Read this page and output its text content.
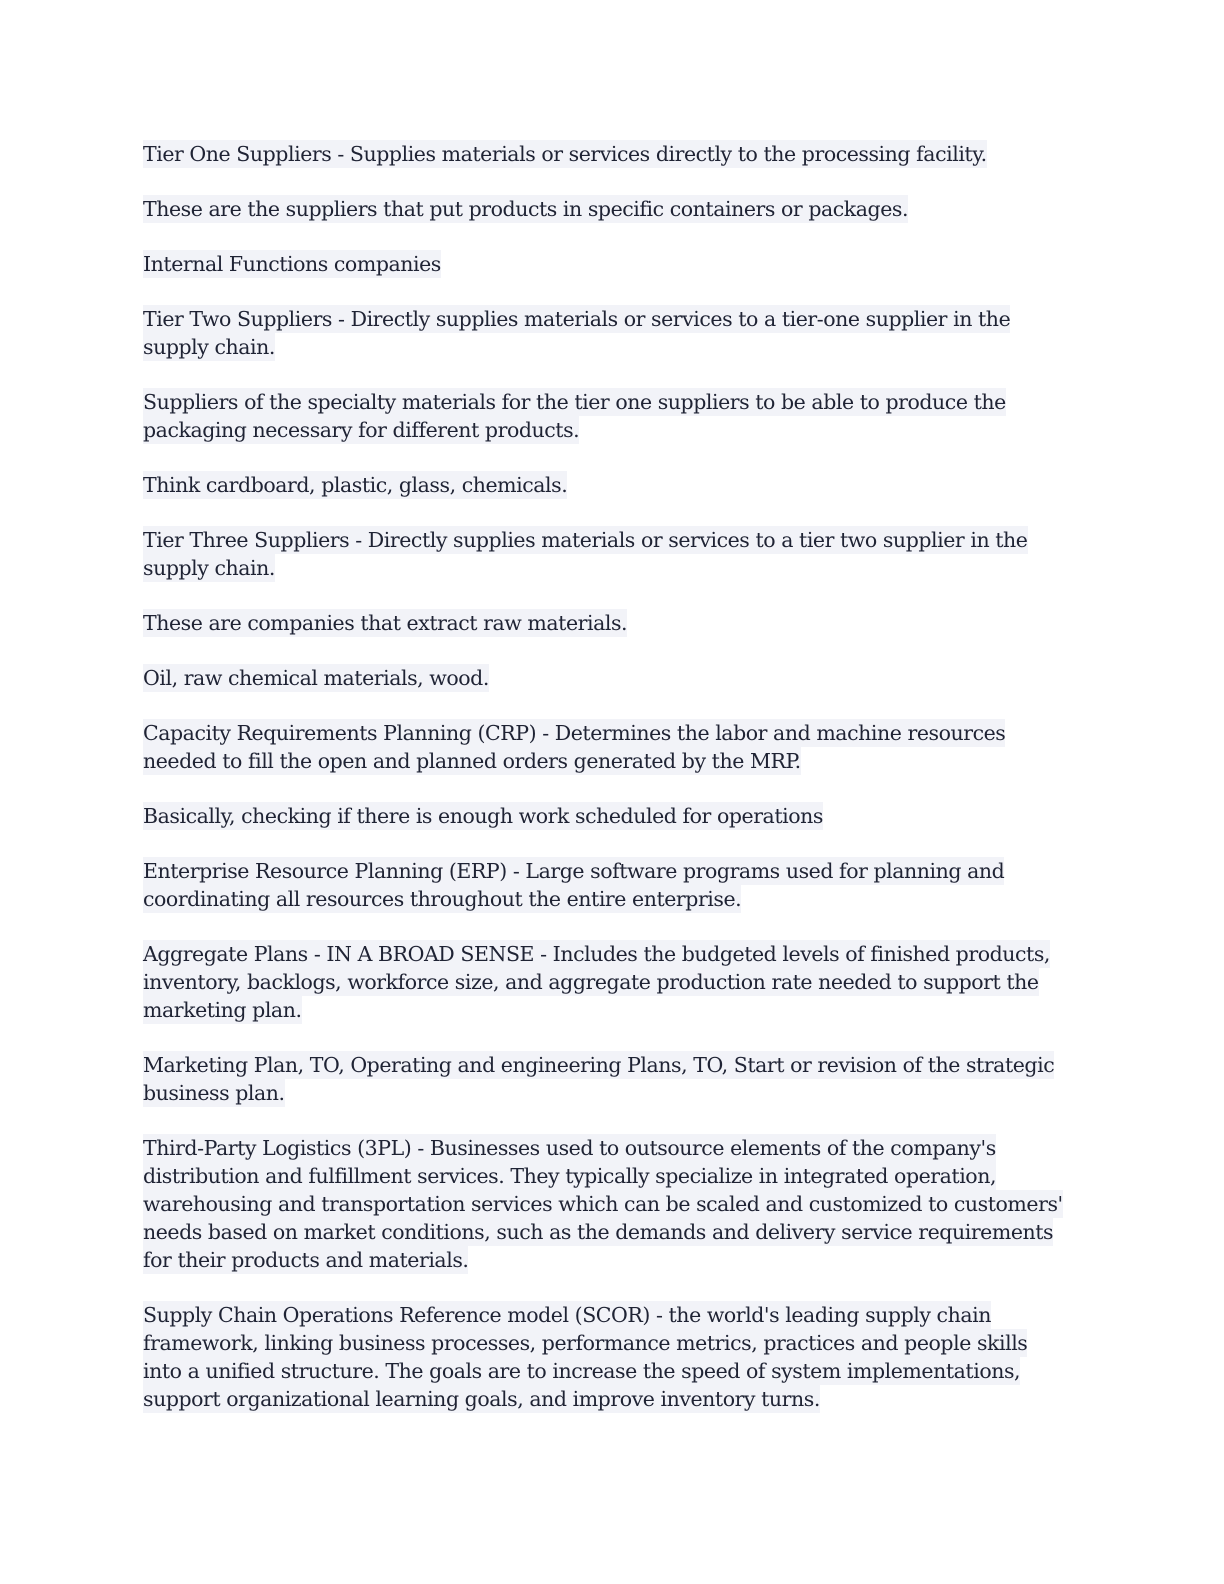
Tier One Suppliers - Supplies materials or services directly to the processing facility.

These are the suppliers that put products in specific containers or packages.

Internal Functions companies

Tier Two Suppliers - Directly supplies materials or services to a tier-one supplier in the supply chain.

Suppliers of the specialty materials for the tier one suppliers to be able to produce the packaging necessary for different products.

Think cardboard, plastic, glass, chemicals.

Tier Three Suppliers - Directly supplies materials or services to a tier two supplier in the supply chain.

These are companies that extract raw materials.

Oil, raw chemical materials, wood.

Capacity Requirements Planning (CRP) - Determines the labor and machine resources needed to fill the open and planned orders generated by the MRP.

Basically, checking if there is enough work scheduled for operations

Enterprise Resource Planning (ERP) - Large software programs used for planning and coordinating all resources throughout the entire enterprise.

Aggregate Plans - IN A BROAD SENSE - Includes the budgeted levels of finished products, inventory, backlogs, workforce size, and aggregate production rate needed to support the marketing plan.

Marketing Plan, TO, Operating and engineering Plans, TO, Start or revision of the strategic business plan.

Third-Party Logistics (3PL) - Businesses used to outsource elements of the company's distribution and fulfillment services. They typically specialize in integrated operation, warehousing and transportation services which can be scaled and customized to customers' needs based on market conditions, such as the demands and delivery service requirements for their products and materials.

Supply Chain Operations Reference model (SCOR) - the world's leading supply chain framework, linking business processes, performance metrics, practices and people skills into a unified structure. The goals are to increase the speed of system implementations, support organizational learning goals, and improve inventory turns.
